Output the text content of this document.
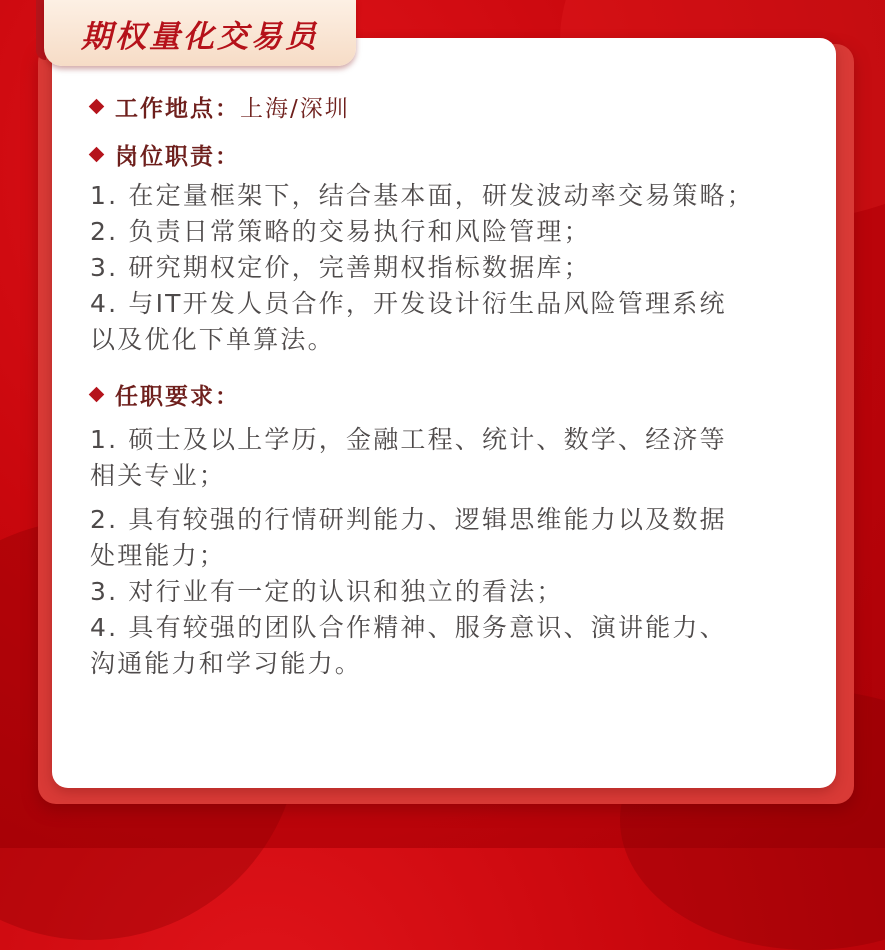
期权量化交易员
工作地点： 上海/深圳
岗位职责：

1. 在定量框架下，结合基本面，研发波动率交易策略；

2. 负责日常策略的交易执行和风险管理；

3. 研究期权定价，完善期权指标数据库；

4. 与IT开发人员合作，开发设计衍生品风险管理系统

以及优化下单算法。

任职要求：

1. 硕士及以上学历，金融工程、统计、数学、经济等

相关专业；

2. 具有较强的行情研判能力、逻辑思维能力以及数据

处理能力；

3. 对行业有一定的认识和独立的看法；

4. 具有较强的团队合作精神、服务意识、演讲能力、

沟通能力和学习能力。
